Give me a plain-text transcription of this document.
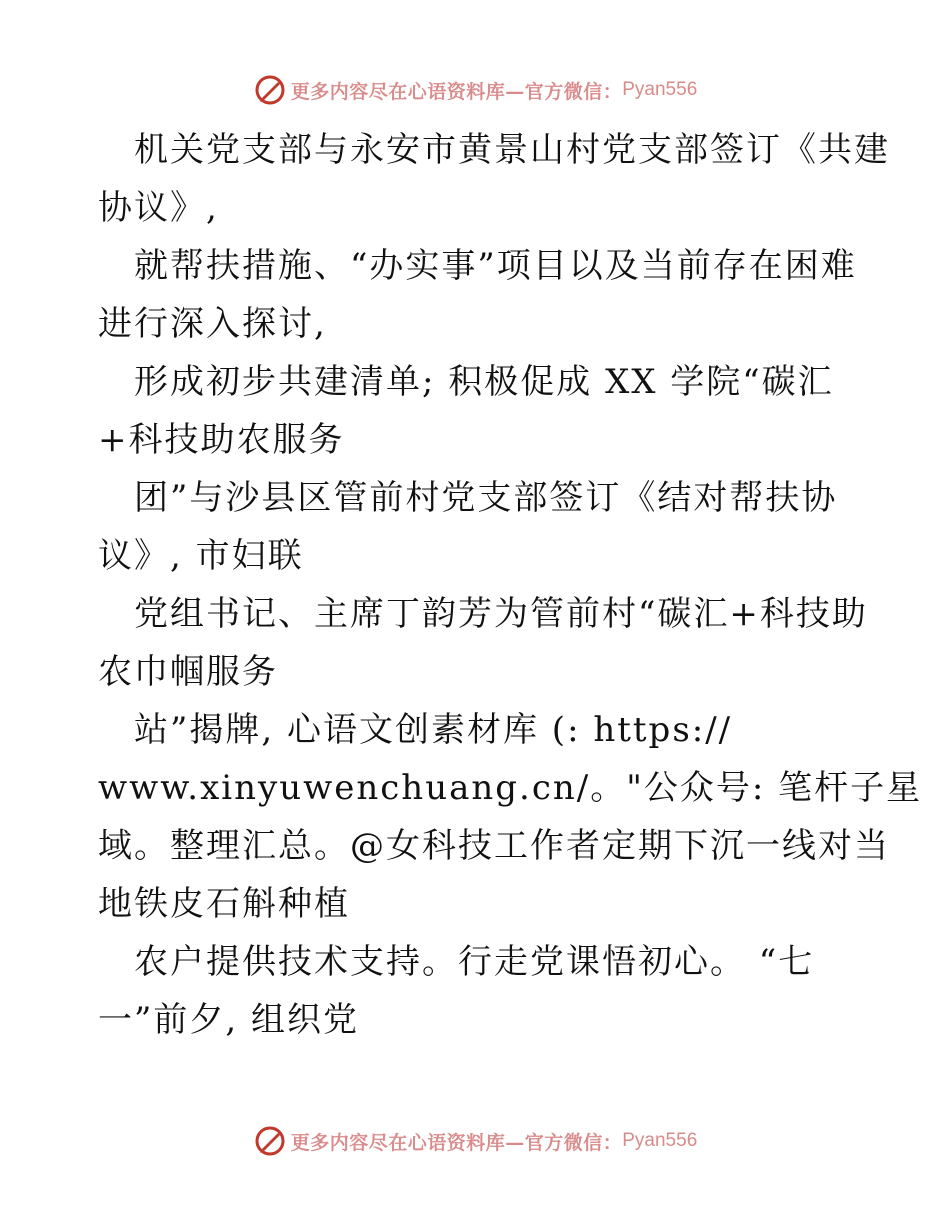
更多内容尽在心语资料库—官方微信： Pyan556
机关党支部与永安市黄景山村党支部签订《共建
协议》,
就帮扶措施、“办实事”项目以及当前存在困难
进行深入探讨,
形成初步共建清单; 积极促成 XX 学院“碳汇
+科技助农服务
团”与沙县区管前村党支部签订《结对帮扶协
议》, 市妇联
党组书记、主席丁韵芳为管前村“碳汇+科技助
农巾帼服务
站”揭牌, 心语文创素材库 (: https://
www.xinyuwenchuang.cn/。"公众号: 笔杆子星
域。整理汇总。@女科技工作者定期下沉一线对当
地铁皮石斛种植
农户提供技术支持。行走党课悟初心。 “七
一”前夕, 组织党
更多内容尽在心语资料库—官方微信： Pyan556
